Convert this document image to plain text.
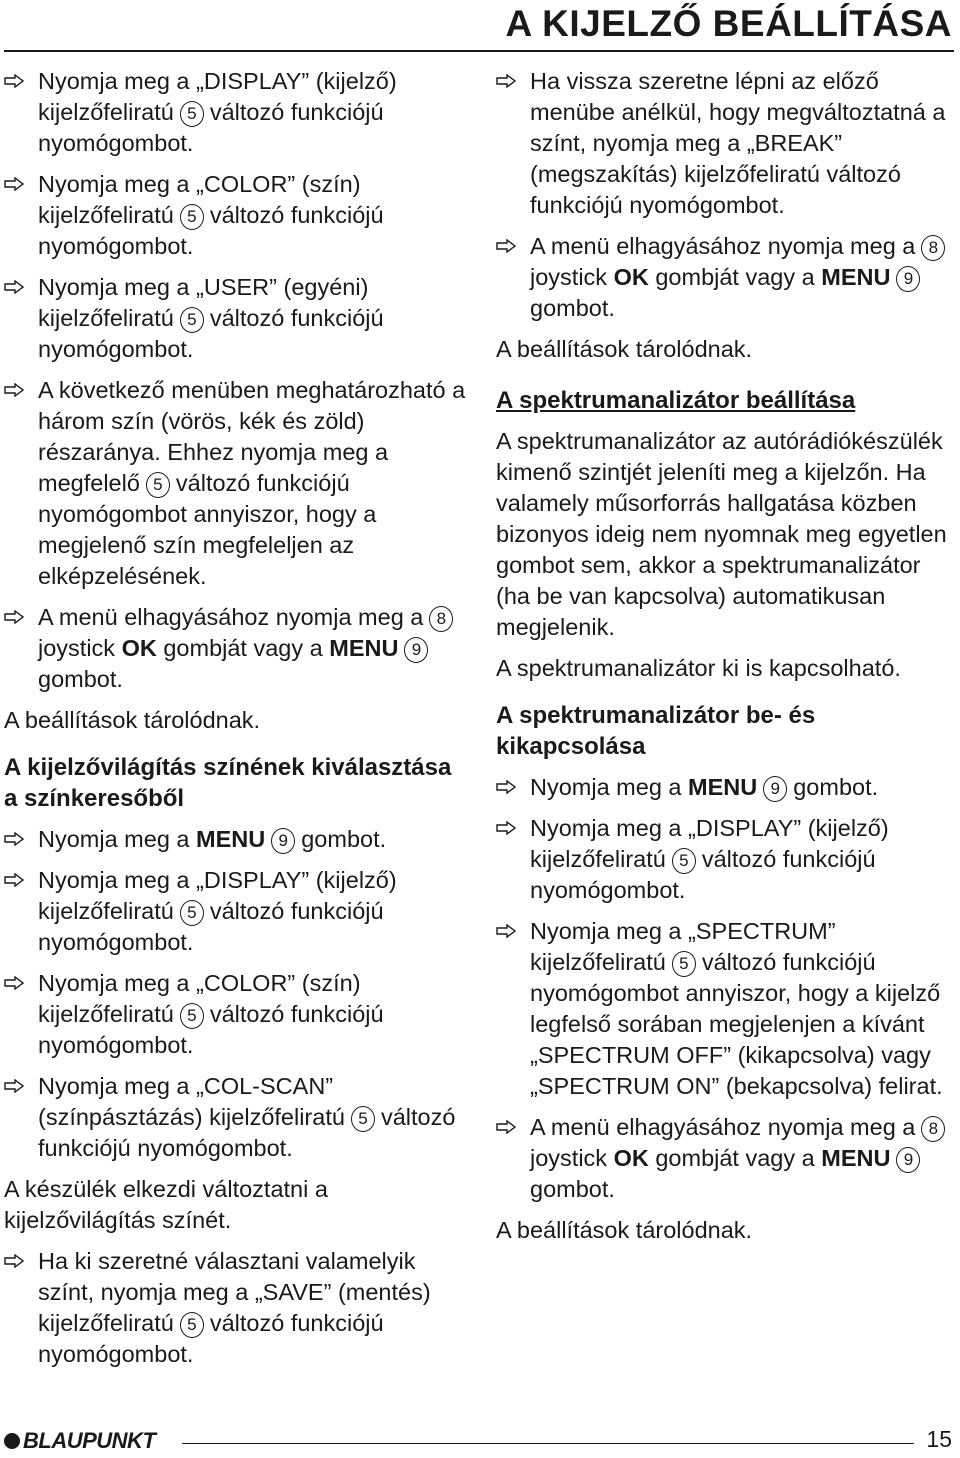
A KIJELZŐ BEÁLLÍTÁSA
Nyomja meg a „DISPLAY” (kijelző) kijelzőfeliratú 5 változó funkciójú nyomógombot.
Nyomja meg a „COLOR” (szín) kijelzőfeliratú 5 változó funkciójú nyomógombot.
Nyomja meg a „USER” (egyéni) kijelzőfeliratú 5 változó funkciójú nyomógombot.
A következő menüben meghatározható a három szín (vörös, kék és zöld) részaránya. Ehhez nyomja meg a megfelelő 5 változó funkciójú nyomógombot annyiszor, hogy a megjelenő szín megfeleljen az elképzelésének.
A menü elhagyásához nyomja meg a 8joystick OK gombját vagy a MENU 9gombot.
A beállítások tárolódnak.
A kijelzővilágítás színének kiválasztása a színkeresőből
Nyomja meg a MENU 9 gombot.
Nyomja meg a „DISPLAY” (kijelző) kijelzőfeliratú 5 változó funkciójú nyomógombot.
Nyomja meg a „COLOR” (szín) kijelzőfeliratú 5 változó funkciójú nyomógombot.
Nyomja meg a „COL-SCAN” (színpásztázás) kijelzőfeliratú 5 változó funkciójú nyomógombot.
A készülék elkezdi változtatni a kijelzővilágítás színét.
Ha ki szeretné választani valamelyik színt, nyomja meg a „SAVE” (mentés) kijelzőfeliratú 5 változó funkciójú nyomógombot.
Ha vissza szeretne lépni az előző menübe anélkül, hogy megváltoztatná a színt, nyomja meg a „BREAK” (megszakítás) kijelzőfeliratú változó funkciójú nyomógombot.
A menü elhagyásához nyomja meg a 8joystick OK gombját vagy a MENU 9gombot.
A beállítások tárolódnak.
A spektrumanalizátor beállítása
A spektrumanalizátor az autórádiókészülék kimenő szintjét jeleníti meg a kijelzőn. Ha valamely műsorforrás hallgatása közben bizonyos ideig nem nyomnak meg egyetlen gombot sem, akkor a spektrumanalizátor (ha be van kapcsolva) automatikusan megjelenik.
A spektrumanalizátor ki is kapcsolható.
A spektrumanalizátor be- és kikapcsolása
Nyomja meg a MENU 9 gombot.
Nyomja meg a „DISPLAY” (kijelző) kijelzőfeliratú 5 változó funkciójú nyomógombot.
Nyomja meg a „SPECTRUM” kijelzőfeliratú 5 változó funkciójú nyomógombot annyiszor, hogy a kijelző legfelső sorában megjelenjen a kívánt „SPECTRUM OFF” (kikapcsolva) vagy „SPECTRUM ON” (bekapcsolva) felirat.
A menü elhagyásához nyomja meg a 8joystick OK gombját vagy a MENU 9gombot.
A beállítások tárolódnak.
BLAUPUNKT	15
